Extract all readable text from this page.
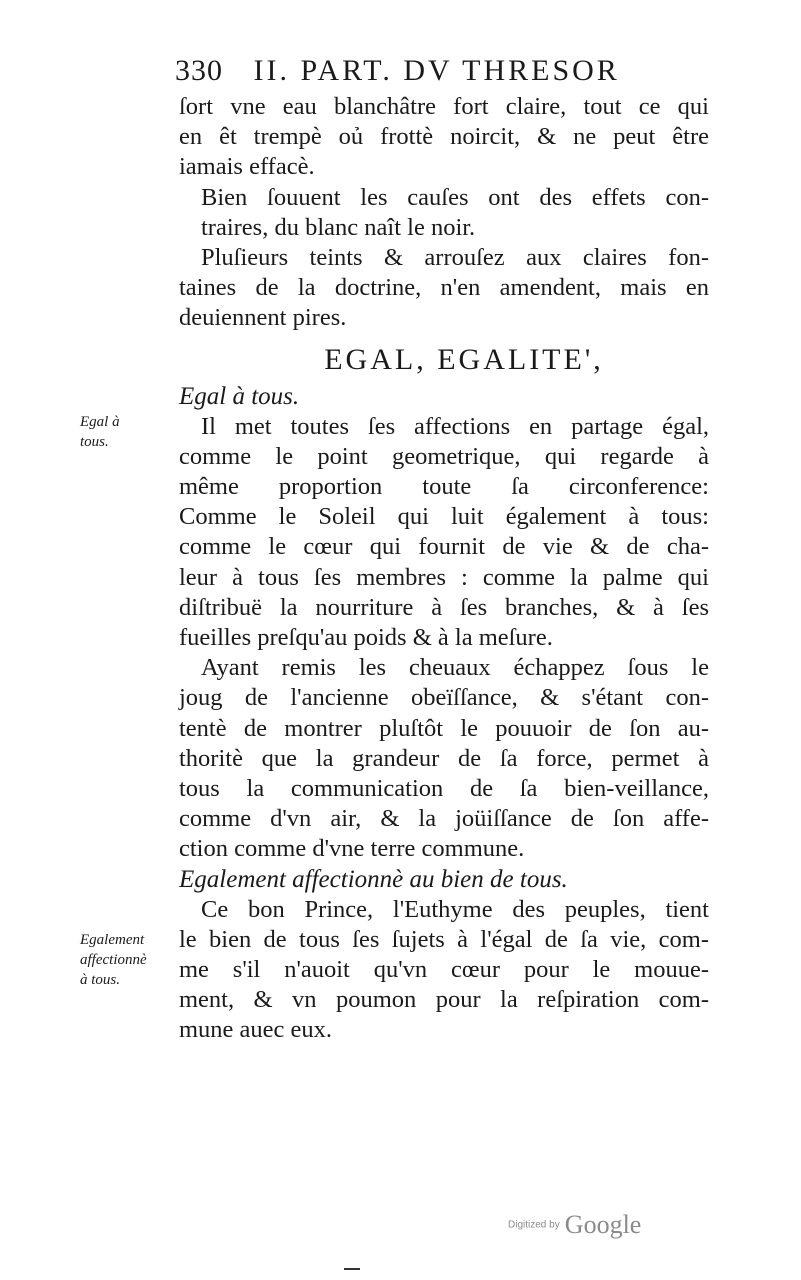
330 II. PART. DV THRESOR
Egal à
tous.
Egalement
affectionnè
à tous.
ſort vne eau blanchâtre fort claire, tout ce qui
en êt trempè oủ frottè noircit, & ne peut être
iamais effacè.
Bien ſouuent les cauſes ont des effets con-
traires, du blanc naît le noir.
Pluſieurs teints & arrouſez aux claires fon-
taines de la doctrine, n'en amendent, mais en
deuiennent pires.
EGAL, EGALITE',
Egal à tous.
Il met toutes ſes affections en partage égal,
comme le point geometrique, qui regarde à
même proportion toute ſa circonference:
Comme le Soleil qui luit également à tous:
comme le cœur qui fournit de vie & de cha-
leur à tous ſes membres : comme la palme qui
diſtribuë la nourriture à ſes branches, & à ſes
fueilles preſqu'au poids & à la meſure.
Ayant remis les cheuaux échappez ſous le
joug de l'ancienne obeïſſance, & s'étant con-
tentè de montrer pluſtôt le pouuoir de ſon au-
thoritè que la grandeur de ſa force, permet à
tous la communication de ſa bien-veillance,
comme d'vn air, & la joüiſſance de ſon affe-
ction comme d'vne terre commune.
Egalement affectionnè au bien de tous.
Ce bon Prince, l'Euthyme des peuples, tient
le bien de tous ſes ſujets à l'égal de ſa vie, com-
me s'il n'auoit qu'vn cœur pour le mouue-
ment, & vn poumon pour la reſpiration com-
mune auec eux.
Digitized by Google
